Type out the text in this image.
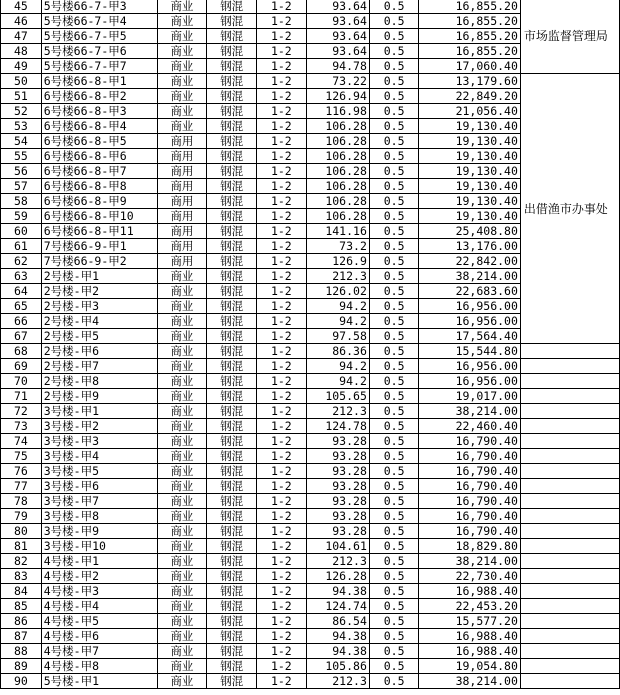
45	5号楼66-7-甲3	商业	钢混	1-2	93.64	0.5	16,855.20	市场监督管理局
46	5号楼66-7-甲4	商业	钢混	1-2	93.64	0.5	16,855.20	
47	5号楼66-7-甲5	商业	钢混	1-2	93.64	0.5	16,855.20	
48	5号楼66-7-甲6	商业	钢混	1-2	93.64	0.5	16,855.20	
49	5号楼66-7-甲7	商业	钢混	1-2	94.78	0.5	17,060.40	
50	6号楼66-8-甲1	商业	钢混	1-2	73.22	0.5	13,179.60	出借渔市办事处
51	6号楼66-8-甲2	商业	钢混	1-2	126.94	0.5	22,849.20	
52	6号楼66-8-甲3	商业	钢混	1-2	116.98	0.5	21,056.40	
53	6号楼66-8-甲4	商业	钢混	1-2	106.28	0.5	19,130.40	
54	6号楼66-8-甲5	商用	钢混	1-2	106.28	0.5	19,130.40	
55	6号楼66-8-甲6	商用	钢混	1-2	106.28	0.5	19,130.40	
56	6号楼66-8-甲7	商用	钢混	1-2	106.28	0.5	19,130.40	
57	6号楼66-8-甲8	商用	钢混	1-2	106.28	0.5	19,130.40	
58	6号楼66-8-甲9	商用	钢混	1-2	106.28	0.5	19,130.40	
59	6号楼66-8-甲10	商用	钢混	1-2	106.28	0.5	19,130.40	
60	6号楼66-8-甲11	商用	钢混	1-2	141.16	0.5	25,408.80	
61	7号楼66-9-甲1	商用	钢混	1-2	73.2	0.5	13,176.00	
62	7号楼66-9-甲2	商用	钢混	1-2	126.9	0.5	22,842.00	
63	2号楼-甲1	商业	钢混	1-2	212.3	0.5	38,214.00	
64	2号楼-甲2	商业	钢混	1-2	126.02	0.5	22,683.60	
65	2号楼-甲3	商业	钢混	1-2	94.2	0.5	16,956.00	
66	2号楼-甲4	商业	钢混	1-2	94.2	0.5	16,956.00	
67	2号楼-甲5	商业	钢混	1-2	97.58	0.5	17,564.40	
68	2号楼-甲6	商业	钢混	1-2	86.36	0.5	15,544.80	
69	2号楼-甲7	商业	钢混	1-2	94.2	0.5	16,956.00	
70	2号楼-甲8	商业	钢混	1-2	94.2	0.5	16,956.00	
71	2号楼-甲9	商业	钢混	1-2	105.65	0.5	19,017.00	
72	3号楼-甲1	商业	钢混	1-2	212.3	0.5	38,214.00	
73	3号楼-甲2	商业	钢混	1-2	124.78	0.5	22,460.40	
74	3号楼-甲3	商业	钢混	1-2	93.28	0.5	16,790.40	
75	3号楼-甲4	商业	钢混	1-2	93.28	0.5	16,790.40	
76	3号楼-甲5	商业	钢混	1-2	93.28	0.5	16,790.40	
77	3号楼-甲6	商业	钢混	1-2	93.28	0.5	16,790.40	
78	3号楼-甲7	商业	钢混	1-2	93.28	0.5	16,790.40	
79	3号楼-甲8	商业	钢混	1-2	93.28	0.5	16,790.40	
80	3号楼-甲9	商业	钢混	1-2	93.28	0.5	16,790.40	
81	3号楼-甲10	商业	钢混	1-2	104.61	0.5	18,829.80	
82	4号楼-甲1	商业	钢混	1-2	212.3	0.5	38,214.00	
83	4号楼-甲2	商业	钢混	1-2	126.28	0.5	22,730.40	
84	4号楼-甲3	商业	钢混	1-2	94.38	0.5	16,988.40	
85	4号楼-甲4	商业	钢混	1-2	124.74	0.5	22,453.20	
86	4号楼-甲5	商业	钢混	1-2	86.54	0.5	15,577.20	
87	4号楼-甲6	商业	钢混	1-2	94.38	0.5	16,988.40	
88	4号楼-甲7	商业	钢混	1-2	94.38	0.5	16,988.40	
89	4号楼-甲8	商业	钢混	1-2	105.86	0.5	19,054.80	
90	5号楼-甲1	商业	钢混	1-2	212.3	0.5	38,214.00	
